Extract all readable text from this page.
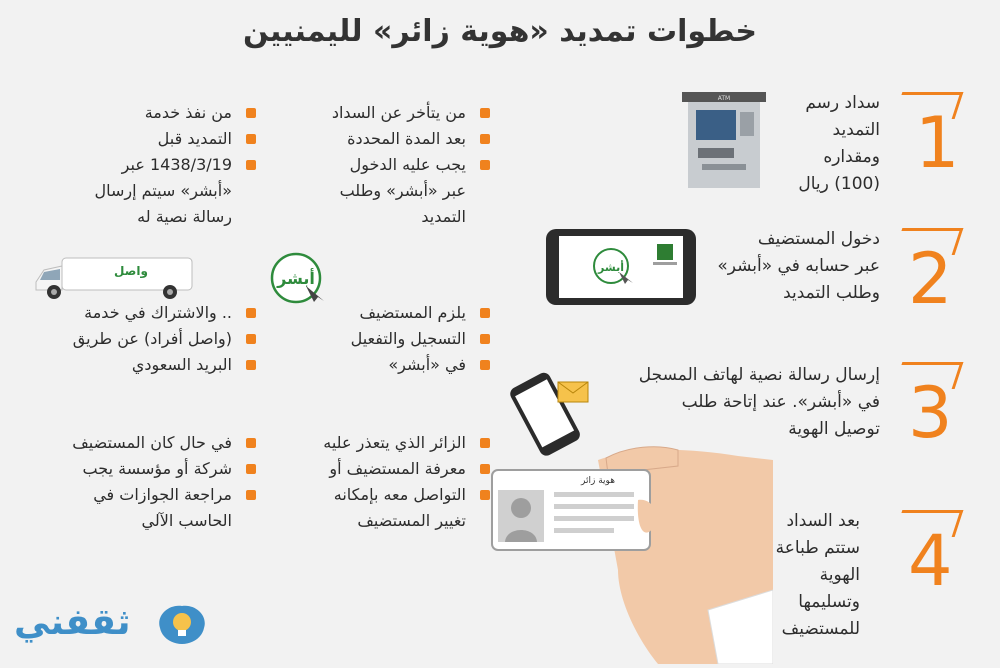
خطوات تمديد «هوية زائر» لليمنيين
1
2
3
4
سداد رسم
التمديد
ومقداره
(100) ريال
دخول المستضيف
عبر حسابه في «أبشر»
وطلب التمديد
إرسال رسالة نصية لهاتف المسجل
في «أبشر». عند إتاحة طلب
توصيل الهوية
بعد السداد
ستتم طباعة
الهوية
وتسليمها
للمستضيف
ATM
أبشر
أبشر
واصل
هوية زائر
من يتأخر عن السداد
بعد المدة المحددة
يجب عليه الدخول
عبر «أبشر» وطلب
التمديد
من نفذ خدمة
التمديد قبل
1438/3/19 عبر
«أبشر» سيتم إرسال
رسالة نصية له
يلزم المستضيف
التسجيل والتفعيل
في «أبشر»
.. والاشتراك في خدمة
(واصل أفراد) عن طريق
البريد السعودي
الزائر الذي يتعذر عليه
معرفة المستضيف أو
التواصل معه بإمكانه
تغيير المستضيف
في حال كان المستضيف
شركة أو مؤسسة يجب
مراجعة الجوازات في
الحاسب الآلي
ثقفني
